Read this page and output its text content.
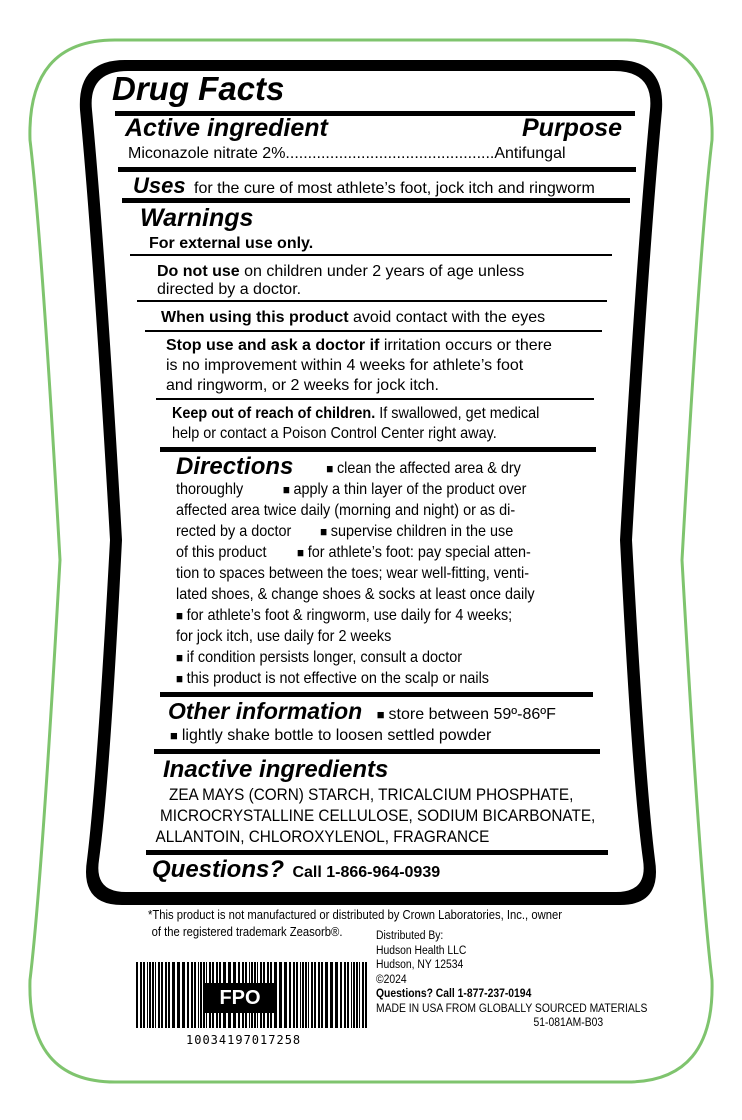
Drug Facts
Active ingredient	Purpose
Miconazole nitrate 2%...............................................Antifungal
Uses for the cure of most athlete’s foot, jock itch and ringworm
Warnings
For external use only.
Do not use on children under 2 years of age unless
directed by a doctor.
When using this product avoid contact with the eyes
Stop use and ask a doctor if irritation occurs or there
is no improvement within 4 weeks for athlete’s foot
and ringworm, or 2 weeks for jock itch.
Keep out of reach of children. If swallowed, get medical
help or contact a Poison Control Center right away.
Directions	■ clean the affected area & dry
thoroughly	■ apply a thin layer of the product over
affected area twice daily (morning and night) or as di-
rected by a doctor ■ supervise children in the use
of this product ■ for athlete’s foot: pay special atten-
tion to spaces between the toes; wear well-fitting, venti-
lated shoes, & change shoes & socks at least once daily
■ for athlete’s foot & ringworm, use daily for 4 weeks;
for jock itch, use daily for 2 weeks
■ if condition persists longer, consult a doctor
■ this product is not effective on the scalp or nails
Other information ■ store between 59º-86ºF
■ lightly shake bottle to loosen settled powder
Inactive ingredients
ZEA MAYS (CORN) STARCH, TRICALCIUM PHOSPHATE,
MICROCRYSTALLINE CELLULOSE, SODIUM BICARBONATE,
ALLANTOIN, CHLOROXYLENOL, FRAGRANCE
Questions? Call 1-866-964-0939
*This product is not manufactured or distributed by Crown Laboratories, Inc., owner
of the registered trademark Zeasorb®.	Distributed By:
Hudson Health LLC
Hudson, NY 12534
©2024
Questions? Call 1-877-237-0194
MADE IN USA FROM GLOBALLY SOURCED MATERIALS
51-081AM-B03
FPO
10034197017258
